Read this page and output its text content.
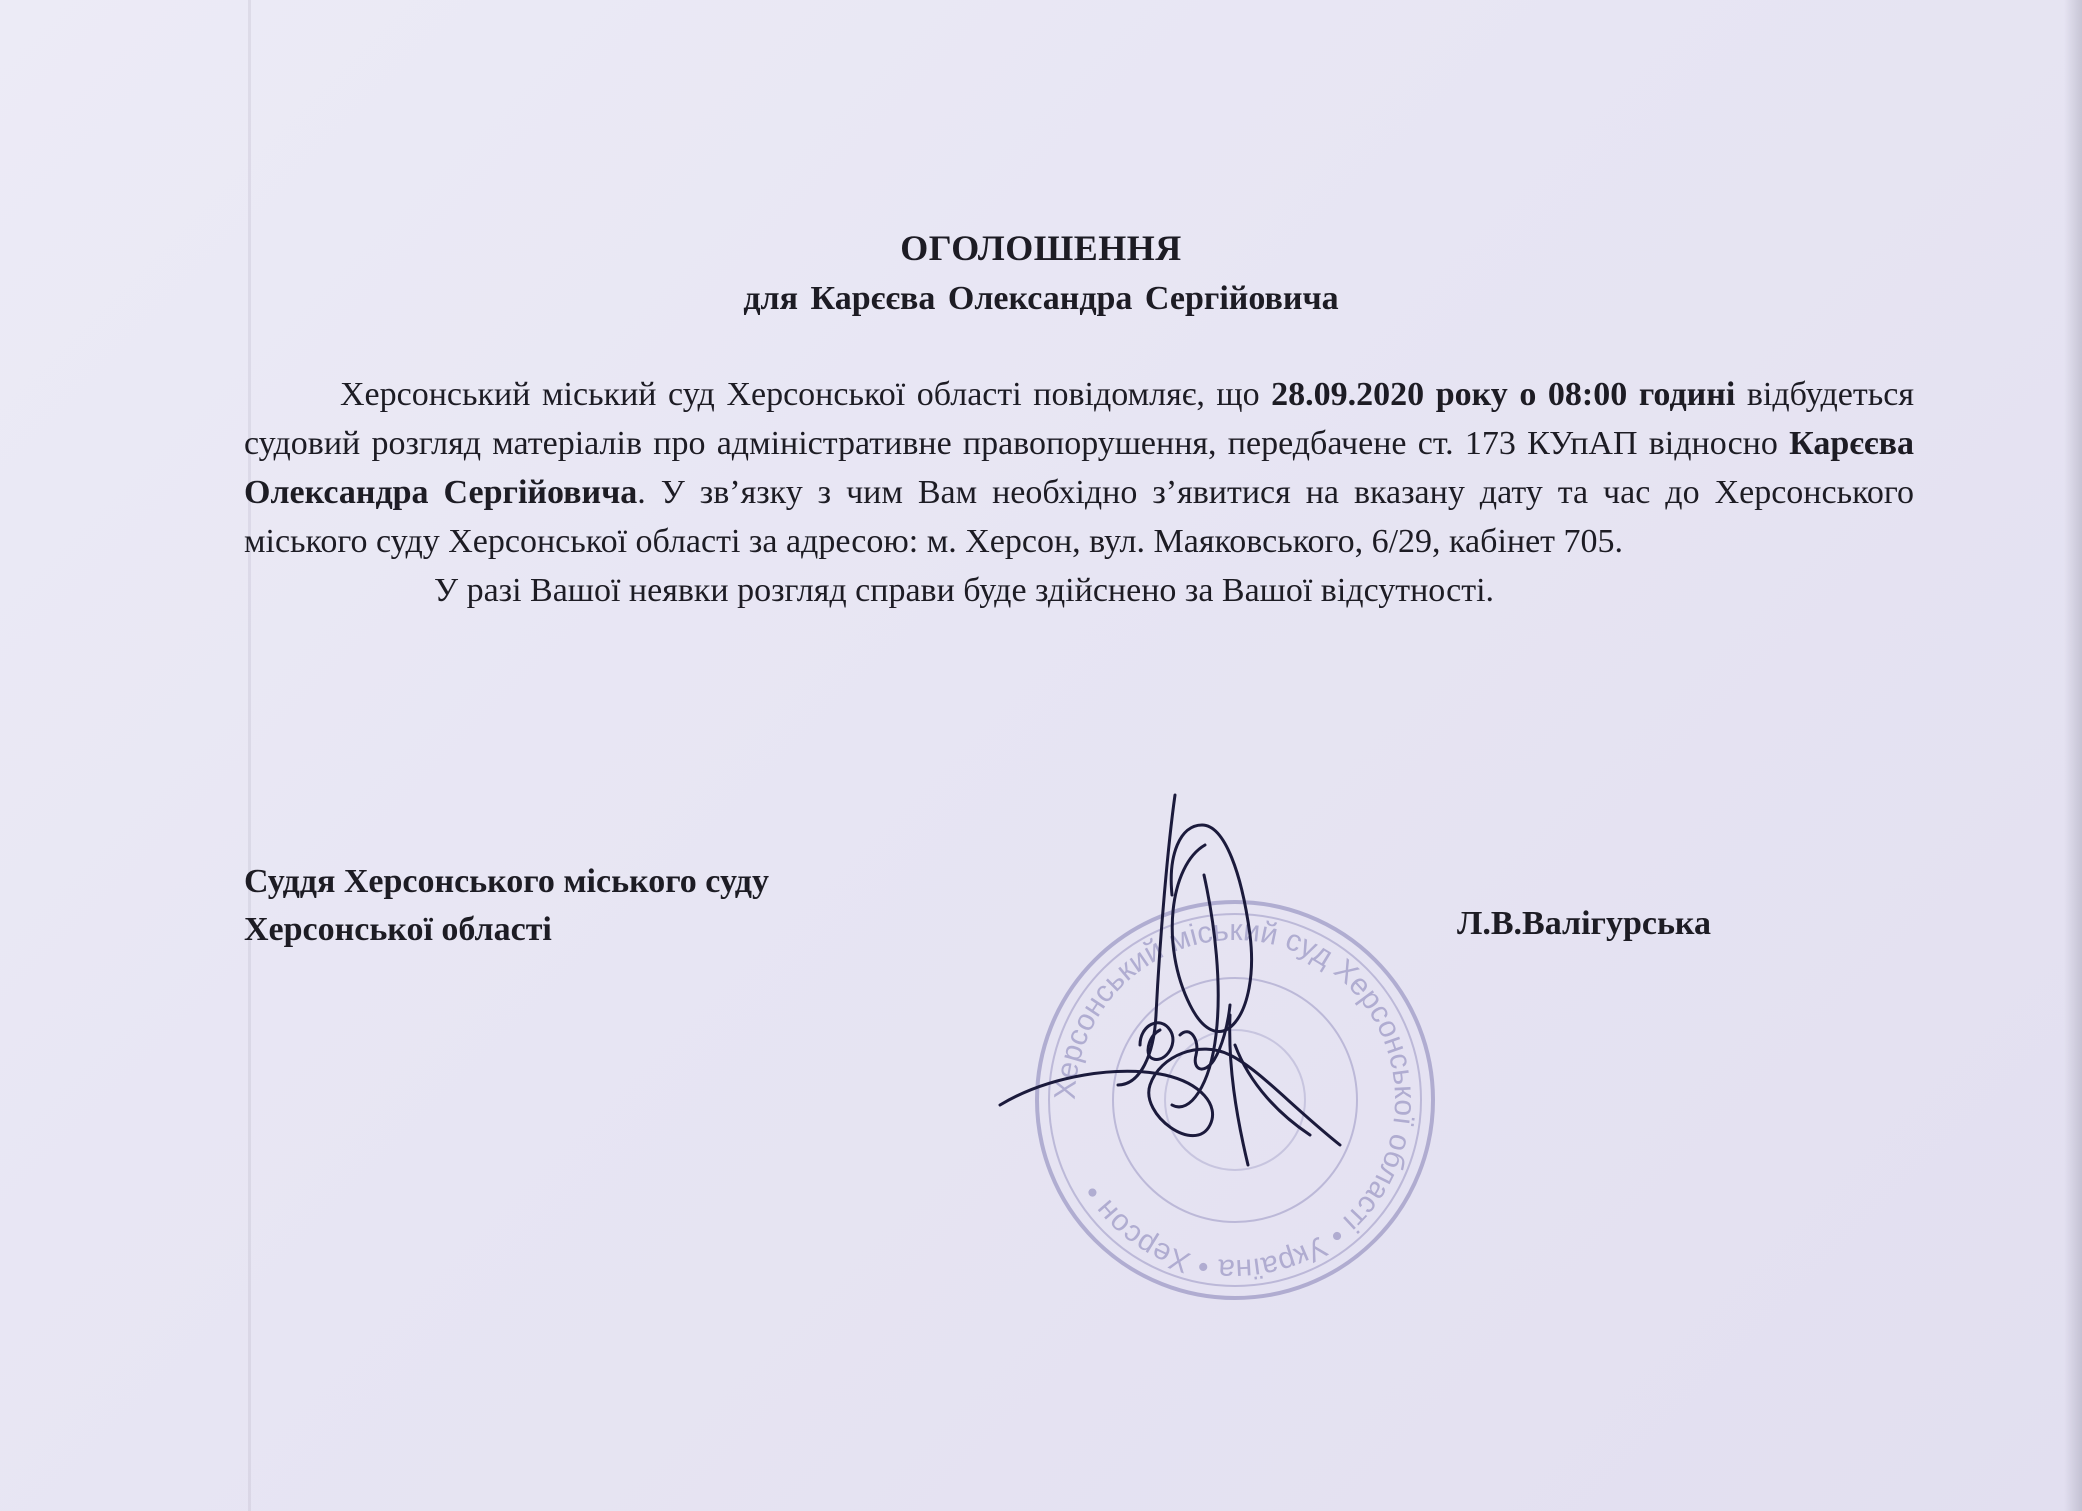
ОГОЛОШЕННЯ
для Карєєва Олександра Сергійовича

Херсонський міський суд Херсонської області повідомляє, що 28.09.2020 року о 08:00 годині відбудеться судовий розгляд матеріалів про адміністративне правопорушення, передбачене ст. 173 КУпАП відносно Карєєва Олександра Сергійовича. У зв’язку з чим Вам необхідно з’явитися на вказану дату та час до Херсонського міського суду Херсонської області за адресою: м. Херсон, вул. Маяковського, 6/29, кабінет 705.

У разі Вашої неявки розгляд справи буде здійснено за Вашої відсутності.

Суддя Херсонського міського суду
Херсонської області	Л.В.Валігурська
Херсонський міський суд Херсонської області • Україна • Херсон •
